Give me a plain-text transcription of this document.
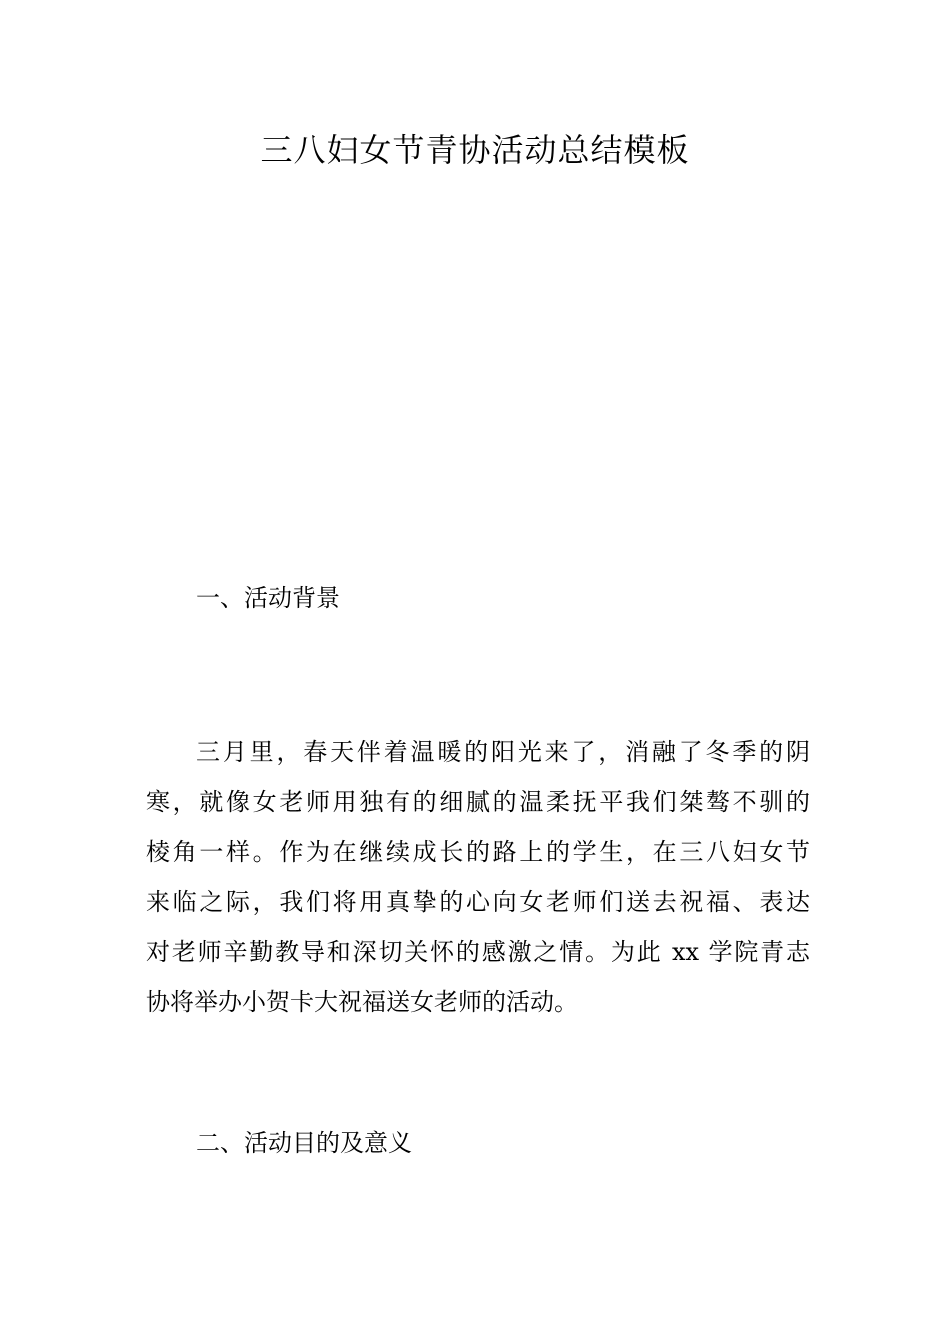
三八妇女节青协活动总结模板
一、活动背景
三月里，春天伴着温暖的阳光来了，消融了冬季的阴
寒，就像女老师用独有的细腻的温柔抚平我们桀骜不驯的
棱角一样。作为在继续成长的路上的学生，在三八妇女节
来临之际，我们将用真挚的心向女老师们送去祝福、表达
对老师辛勤教导和深切关怀的感激之情。为此 xx 学院青志
协将举办小贺卡大祝福送女老师的活动。
二、活动目的及意义
